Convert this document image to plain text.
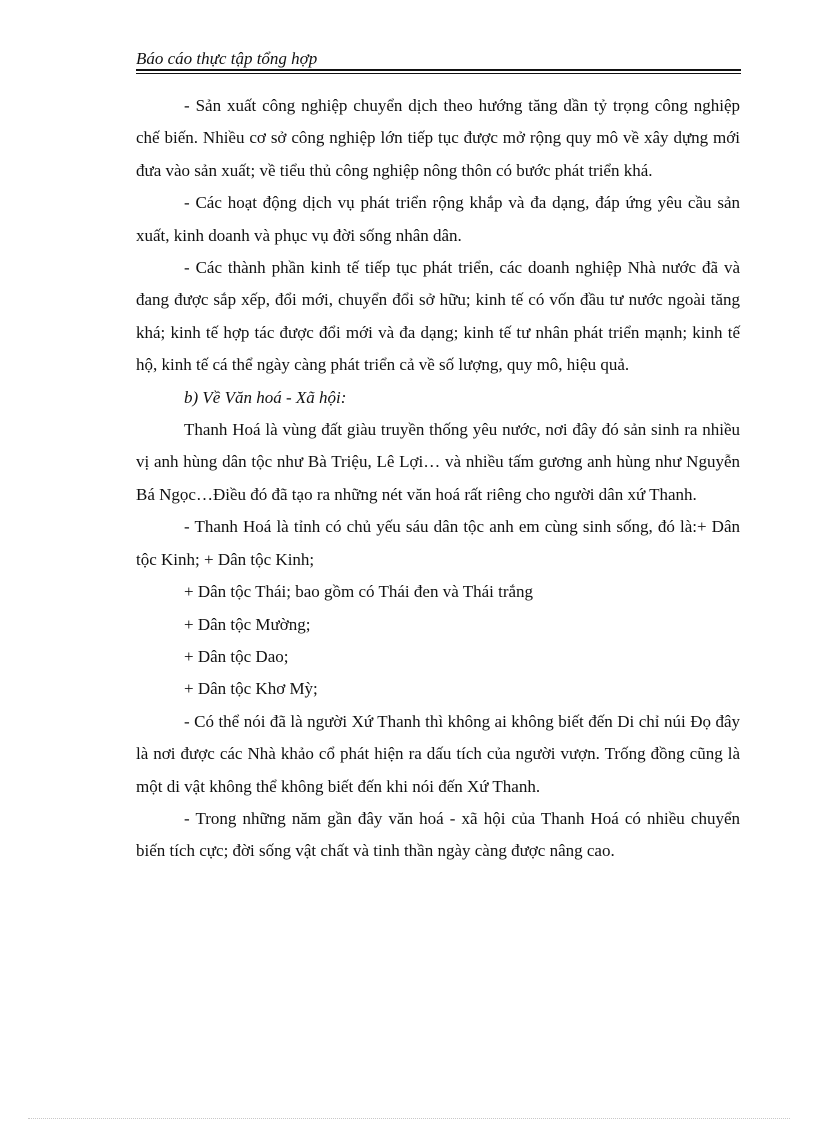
Báo cáo thực tập tổng hợp

- Sản xuất công nghiệp chuyển dịch theo hướng tăng dần tỷ trọng công nghiệp chế biến. Nhiều cơ sở công nghiệp lớn tiếp tục được mở rộng quy mô về xây dựng mới đưa vào sản xuất; về tiểu thủ công nghiệp nông thôn có bước phát triển khá.

- Các hoạt động dịch vụ phát triển rộng khắp và đa dạng, đáp ứng yêu cầu sản xuất, kinh doanh và phục vụ đời sống nhân dân.

- Các thành phần kinh tế tiếp tục phát triển, các doanh nghiệp Nhà nước đã và đang được sắp xếp, đổi mới, chuyển đổi sở hữu; kinh tế có vốn đầu tư nước ngoài tăng khá; kinh tế hợp tác được đổi mới và đa dạng; kinh tế tư nhân phát triển mạnh; kinh tế hộ, kinh tế cá thể ngày càng phát triển cả về số lượng, quy mô, hiệu quả.

b) Về Văn hoá - Xã hội:

Thanh Hoá là vùng đất giàu truyền thống yêu nước, nơi đây đó sản sinh ra nhiều vị anh hùng dân tộc như Bà Triệu, Lê Lợi… và nhiều tấm gương anh hùng như Nguyễn Bá Ngọc…Điều đó đã tạo ra những nét văn hoá rất riêng cho người dân xứ Thanh.

- Thanh Hoá là tỉnh có chủ yếu sáu dân tộc anh em cùng sinh sống, đó là:+ Dân tộc Kinh; + Dân tộc Kinh;

+ Dân tộc Thái; bao gồm có Thái đen và Thái trắng

+ Dân tộc Mường;

+ Dân tộc Dao;

+ Dân tộc Khơ Mỳ;

- Có thể nói đã là người Xứ Thanh thì không ai không biết đến Di chỉ núi Đọ đây là nơi được các Nhà khảo cổ phát hiện ra dấu tích của người vượn. Trống đồng cũng là một di vật không thể không biết đến khi nói đến Xứ Thanh.

- Trong những năm gần đây văn hoá - xã hội của Thanh Hoá có nhiều chuyển biến tích cực; đời sống vật chất và tinh thần ngày càng được nâng cao.
